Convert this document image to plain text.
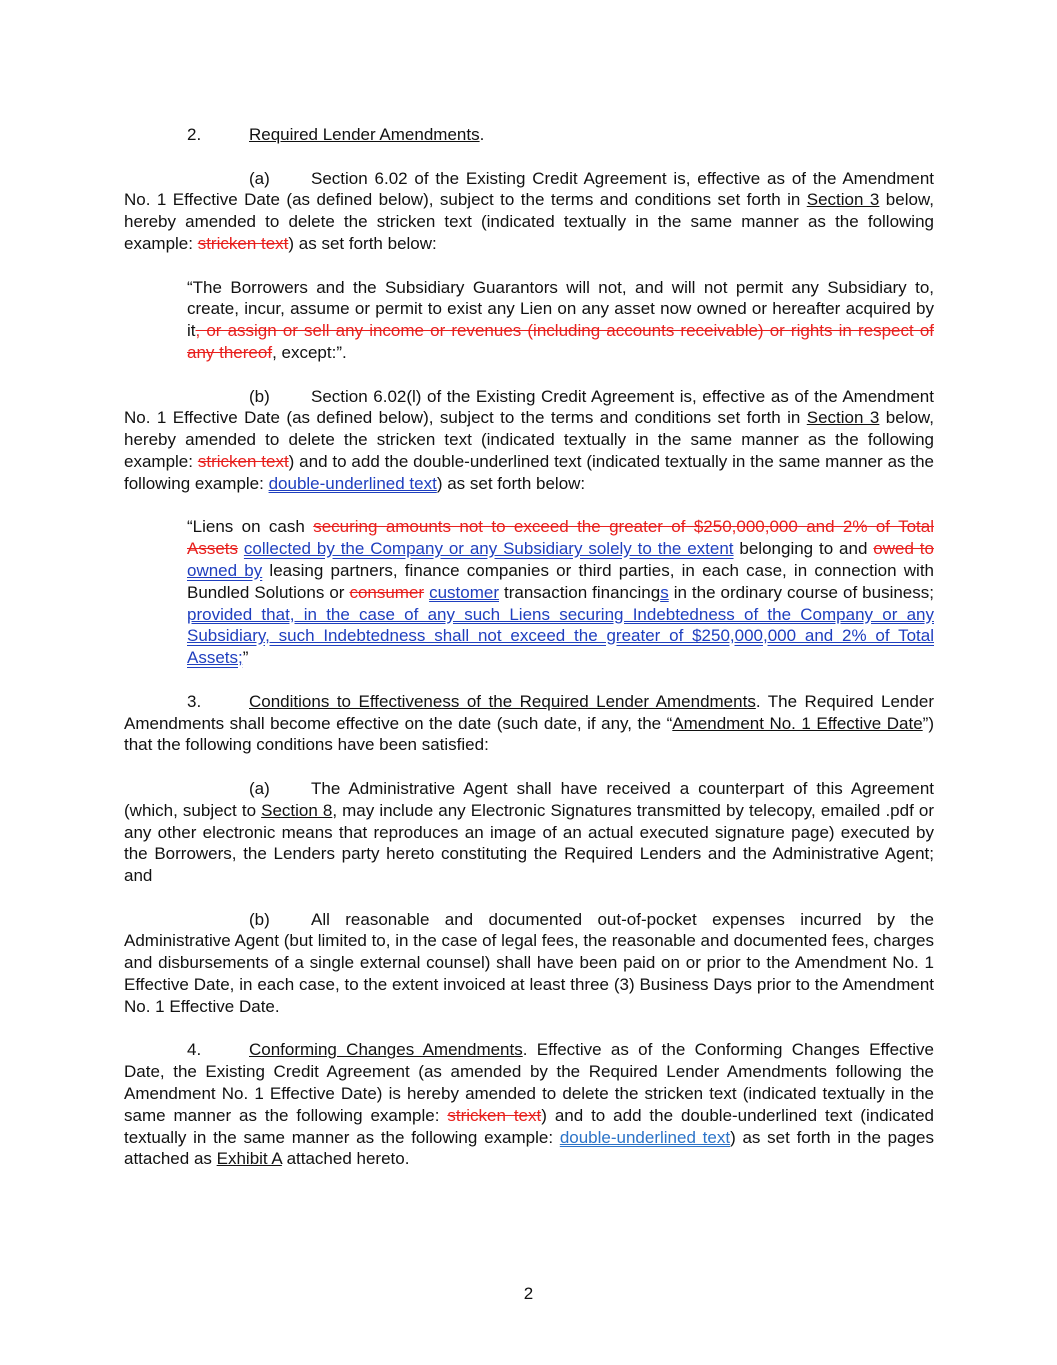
2.	Required Lender Amendments.

(a) Section 6.02 of the Existing Credit Agreement is, effective as of the Amendment No. 1 Effective Date (as defined below), subject to the terms and conditions set forth in Section 3 below, hereby amended to delete the stricken text (indicated textually in the same manner as the following example: stricken text) as set forth below:

“The Borrowers and the Subsidiary Guarantors will not, and will not permit any Subsidiary to, create, incur, assume or permit to exist any Lien on any asset now owned or hereafter acquired by it, or assign or sell any income or revenues (including accounts receivable) or rights in respect of any thereof, except:”.

(b) Section 6.02(l) of the Existing Credit Agreement is, effective as of the Amendment No. 1 Effective Date (as defined below), subject to the terms and conditions set forth in Section 3 below, hereby amended to delete the stricken text (indicated textually in the same manner as the following example: stricken text) and to add the double-underlined text (indicated textually in the same manner as the following example: double-underlined text) as set forth below:

“Liens on cash securing amounts not to exceed the greater of $250,000,000 and 2% of Total Assets collected by the Company or any Subsidiary solely to the extent belonging to and owed to owned by leasing partners, finance companies or third parties, in each case, in connection with Bundled Solutions or consumer customer transaction financings in the ordinary course of business; provided that, in the case of any such Liens securing Indebtedness of the Company or any Subsidiary, such Indebtedness shall not exceed the greater of $250,000,000 and 2% of Total Assets;”

3.	Conditions to Effectiveness of the Required Lender Amendments. The Required Lender Amendments shall become effective on the date (such date, if any, the “Amendment No. 1 Effective Date”) that the following conditions have been satisfied:

(a) The Administrative Agent shall have received a counterpart of this Agreement (which, subject to Section 8, may include any Electronic Signatures transmitted by telecopy, emailed .pdf or any other electronic means that reproduces an image of an actual executed signature page) executed by the Borrowers, the Lenders party hereto constituting the Required Lenders and the Administrative Agent; and

(b) All reasonable and documented out-of-pocket expenses incurred by the Administrative Agent (but limited to, in the case of legal fees, the reasonable and documented fees, charges and disbursements of a single external counsel) shall have been paid on or prior to the Amendment No. 1 Effective Date, in each case, to the extent invoiced at least three (3) Business Days prior to the Amendment No. 1 Effective Date.

4.	Conforming Changes Amendments. Effective as of the Conforming Changes Effective Date, the Existing Credit Agreement (as amended by the Required Lender Amendments following the Amendment No. 1 Effective Date) is hereby amended to delete the stricken text (indicated textually in the same manner as the following example: stricken text) and to add the double-underlined text (indicated textually in the same manner as the following example: double-underlined text) as set forth in the pages attached as Exhibit A attached hereto.

2
